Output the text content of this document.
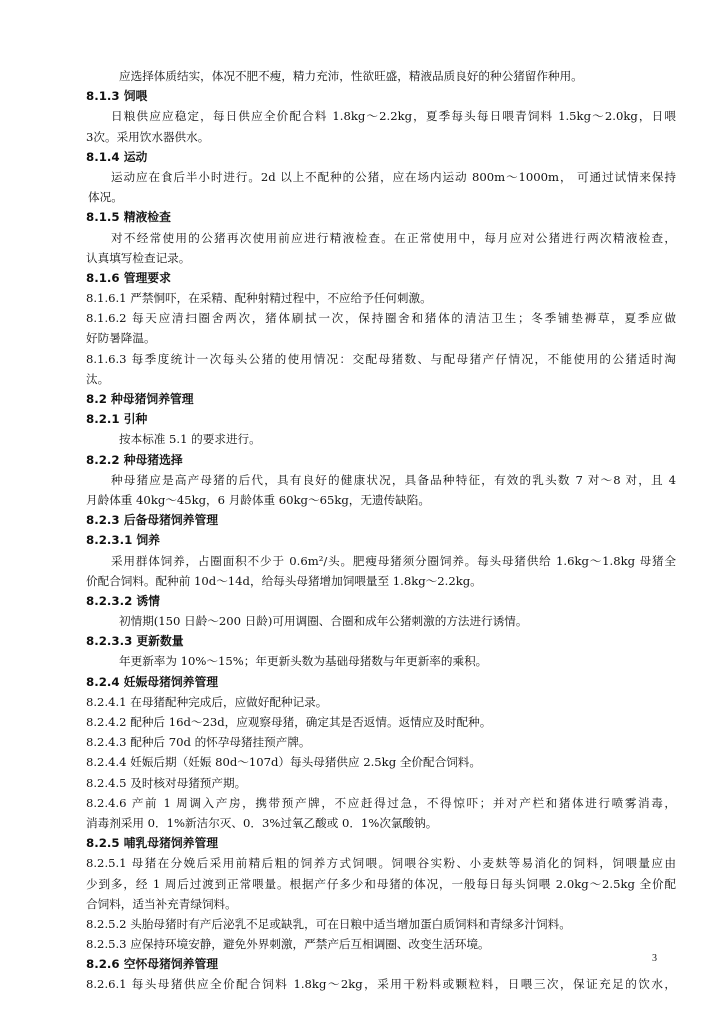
应选择体质结实，体况不肥不瘦，精力充沛，性欲旺盛，精液品质良好的种公猪留作种用。
8.1.3 饲喂
日粮供应应稳定，每日供应全价配合料 1.8kg～2.2kg，夏季每头每日喂青饲料 1.5kg～2.0kg，日喂
3次。采用饮水器供水。
8.1.4 运动
运动应在食后半小时进行。2d 以上不配种的公猪，应在场内运动 800m～1000m， 可通过试情来保持
体况。
8.1.5 精液检查
对不经常使用的公猪再次使用前应进行精液检查。在正常使用中，每月应对公猪进行两次精液检查，
认真填写检查记录。
8.1.6 管理要求
8.1.6.1 严禁恫吓，在采精、配种射精过程中，不应给予任何刺激。
8.1.6.2 每天应清扫圈舍两次，猪体刷拭一次，保持圈舍和猪体的清洁卫生；冬季铺垫褥草，夏季应做
好防暑降温。
8.1.6.3 每季度统计一次每头公猪的使用情况：交配母猪数、与配母猪产仔情况，不能使用的公猪适时淘
汰。
8.2 种母猪饲养管理
8.2.1 引种
按本标准 5.1 的要求进行。
8.2.2 种母猪选择
种母猪应是高产母猪的后代，具有良好的健康状况，具备品种特征，有效的乳头数 7 对～8 对，且 4
月龄体重 40kg～45kg，6 月龄体重 60kg～65kg，无遗传缺陷。
8.2.3 后备母猪饲养管理
8.2.3.1 饲养
采用群体饲养，占圈面积不少于 0.6m²/头。肥瘦母猪须分圈饲养。每头母猪供给 1.6kg～1.8kg 母猪全
价配合饲料。配种前 10d～14d，给每头母猪增加饲喂量至 1.8kg～2.2kg。
8.2.3.2 诱情
初情期(150 日龄～200 日龄)可用调圈、合圈和成年公猪刺激的方法进行诱情。
8.2.3.3 更新数量
年更新率为 10%～15%；年更新头数为基础母猪数与年更新率的乘积。
8.2.4 妊娠母猪饲养管理
8.2.4.1 在母猪配种完成后，应做好配种记录。
8.2.4.2 配种后 16d～23d，应观察母猪，确定其是否返情。返情应及时配种。
8.2.4.3 配种后 70d 的怀孕母猪挂预产牌。
8.2.4.4 妊娠后期（妊娠 80d～107d）每头母猪供应 2.5kg 全价配合饲料。
8.2.4.5 及时核对母猪预产期。
8.2.4.6 产前 1 周调入产房，携带预产牌，不应赶得过急，不得惊吓；并对产栏和猪体进行喷雾消毒，
消毒剂采用 0．1%新洁尔灭、0．3%过氧乙酸或 0．1%次氯酸钠。
8.2.5 哺乳母猪饲养管理
8.2.5.1 母猪在分娩后采用前精后粗的饲养方式饲喂。饲喂谷实粉、小麦麸等易消化的饲料，饲喂量应由
少到多，经 1 周后过渡到正常喂量。根据产仔多少和母猪的体况，一般每日每头饲喂 2.0kg～2.5kg 全价配
合饲料，适当补充青绿饲料。
8.2.5.2 头胎母猪时有产后泌乳不足或缺乳，可在日粮中适当增加蛋白质饲料和青绿多汁饲料。
8.2.5.3 应保持环境安静，避免外界刺激，严禁产后互相调圈、改变生活环境。
8.2.6 空怀母猪饲养管理
8.2.6.1 每头母猪供应全价配合饲料 1.8kg～2kg，采用干粉料或颗粒料，日喂三次，保证充足的饮水，
3
